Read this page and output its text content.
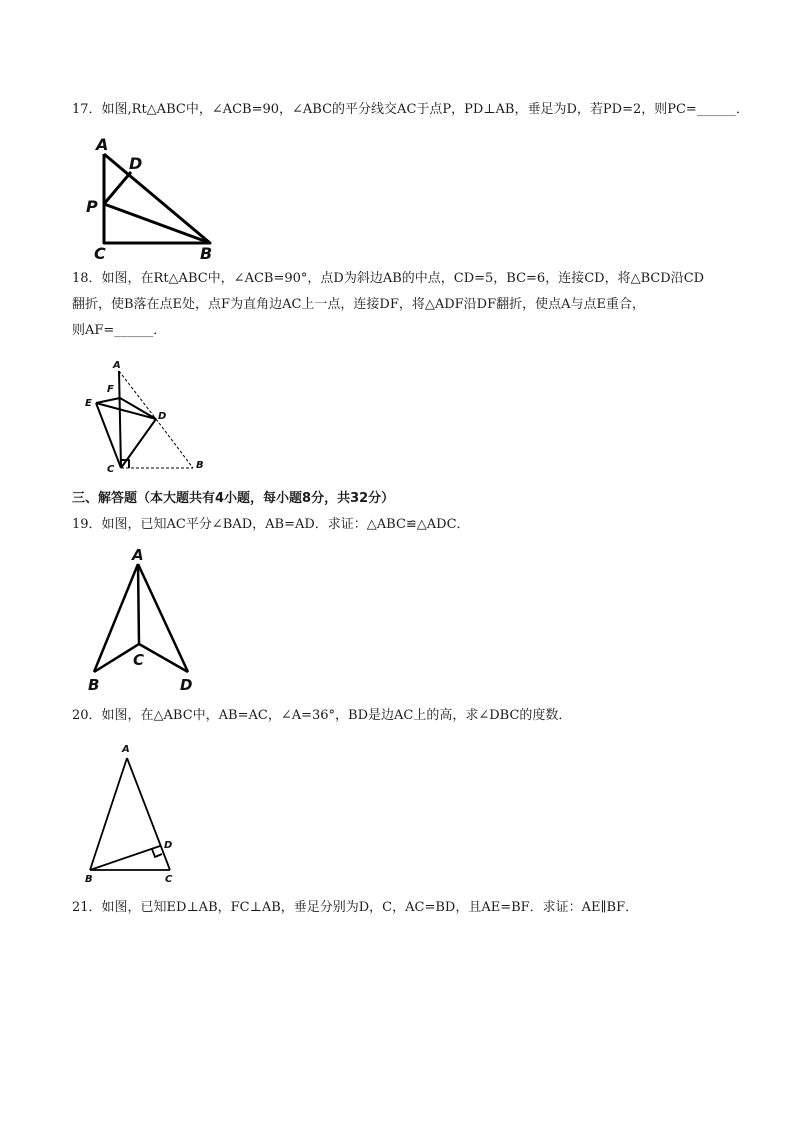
17．如图,Rt△ABC中，∠ACB=90，∠ABC的平分线交AC于点P，PD⊥AB，垂足为D，若PD=2，则PC=______．
A
D
P
C	B
18．如图，在Rt△ABC中，∠ACB=90°，点D为斜边AB的中点，CD=5，BC=6，连接CD，将△BCD沿CD
翻折，使B落在点E处，点F为直角边AC上一点，连接DF，将△ADF沿DF翻折，使点A与点E重合，
则AF=______．
A
F
E
D
C	B
三、解答题（本大题共有4小题，每小题8分，共32分）
19．如图，已知AC平分∠BAD，AB=AD．求证：△ABC≌△ADC．
A
C
B	D
20．如图，在△ABC中，AB=AC，∠A=36°，BD是边AC上的高，求∠DBC的度数．
A
D
B	C
21．如图，已知ED⊥AB，FC⊥AB，垂足分别为D，C，AC=BD，且AE=BF．求证：AE∥BF．
